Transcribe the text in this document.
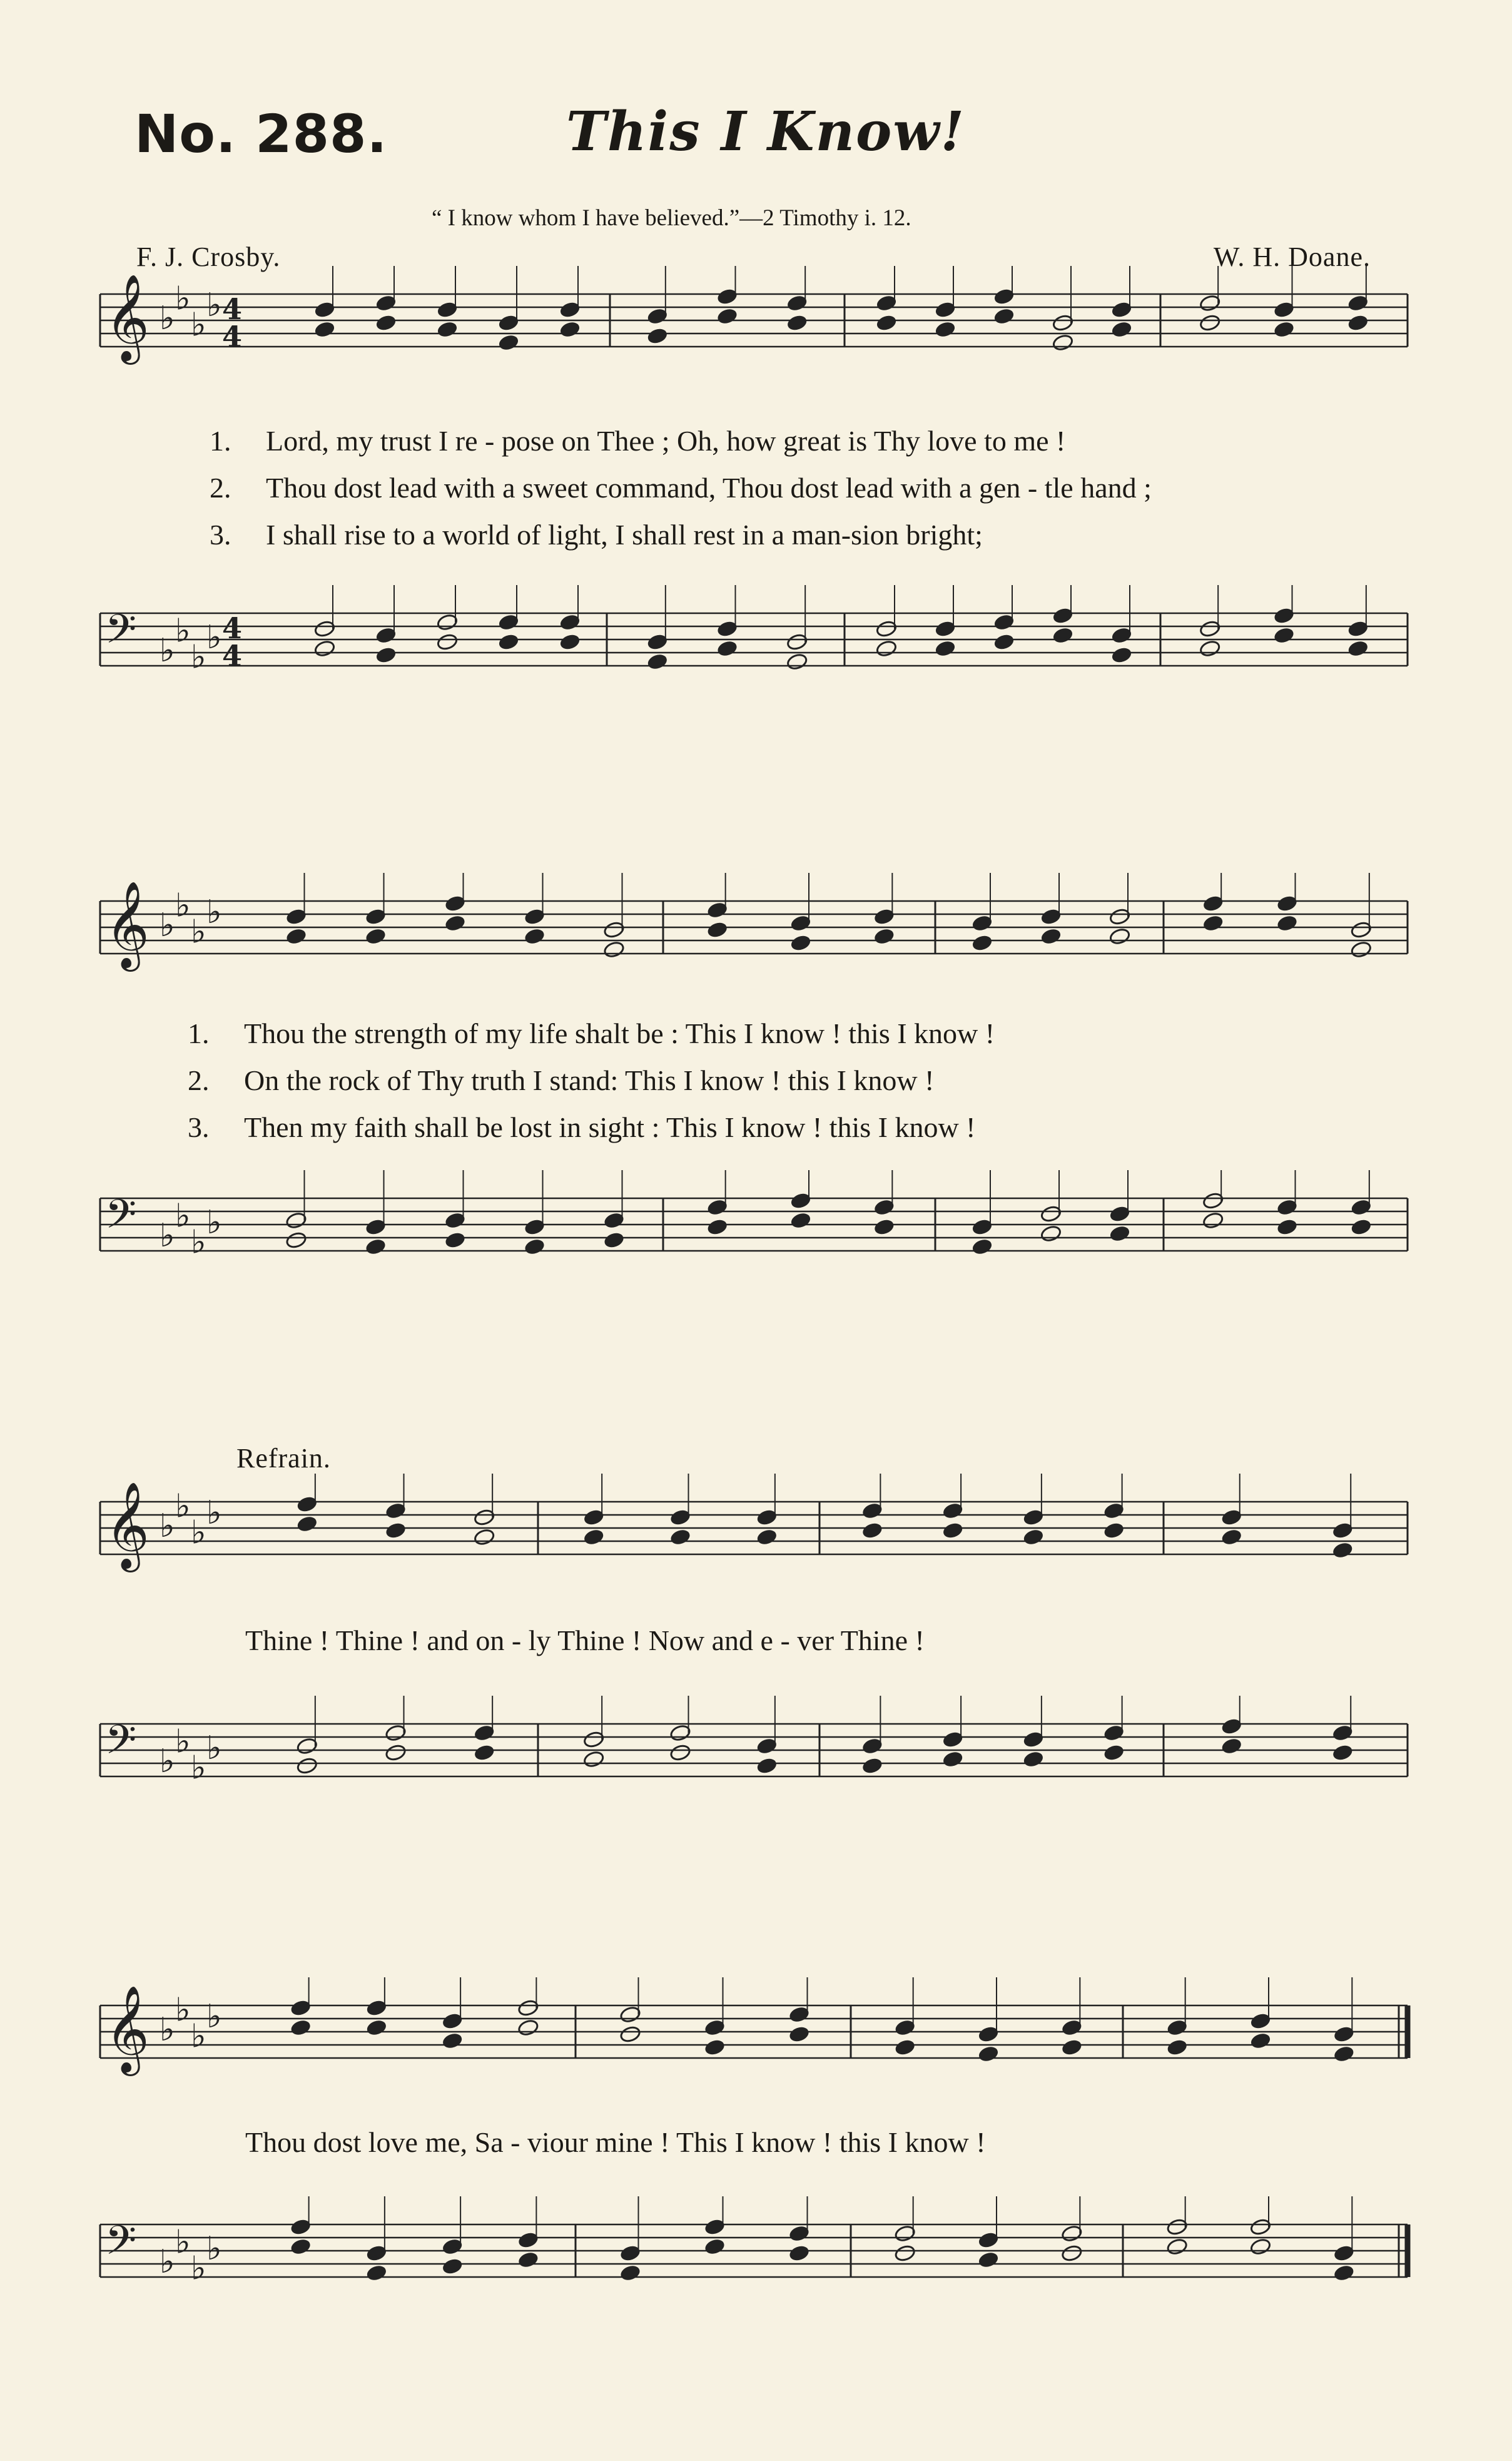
No. 288.	This I Know!
“ I know whom I have believed.”—2 Timothy i. 12.
F. J. Crosby.	W. H. Doane.
𝄞 ♭
♭
♭
♭ 4
4
𝄢 ♭
♭
♭
♭ 4
4
𝄞 ♭
♭
♭
♭
𝄢 ♭
♭
♭
♭
𝄞 ♭
♭
♭
♭
𝄢 ♭
♭
♭
♭
𝄞 ♭
♭
♭
♭
𝄢 ♭
♭
♭
♭
1. Lord, my trust I re - pose on Thee ; Oh, how great is Thy love to me !
2. Thou dost lead with a sweet command, Thou dost lead with a gen - tle hand ;
3. I shall rise to a world of light, I shall rest in a man-sion bright;
1. Thou the strength of my life shalt be : This I know ! this I know !
2. On the rock of Thy truth I stand: This I know ! this I know !
3. Then my faith shall be lost in sight : This I know ! this I know !
Refrain.
Thine ! Thine ! and on - ly Thine ! Now and e - ver Thine !
Thou dost love me, Sa - viour mine ! This I know ! this I know !
